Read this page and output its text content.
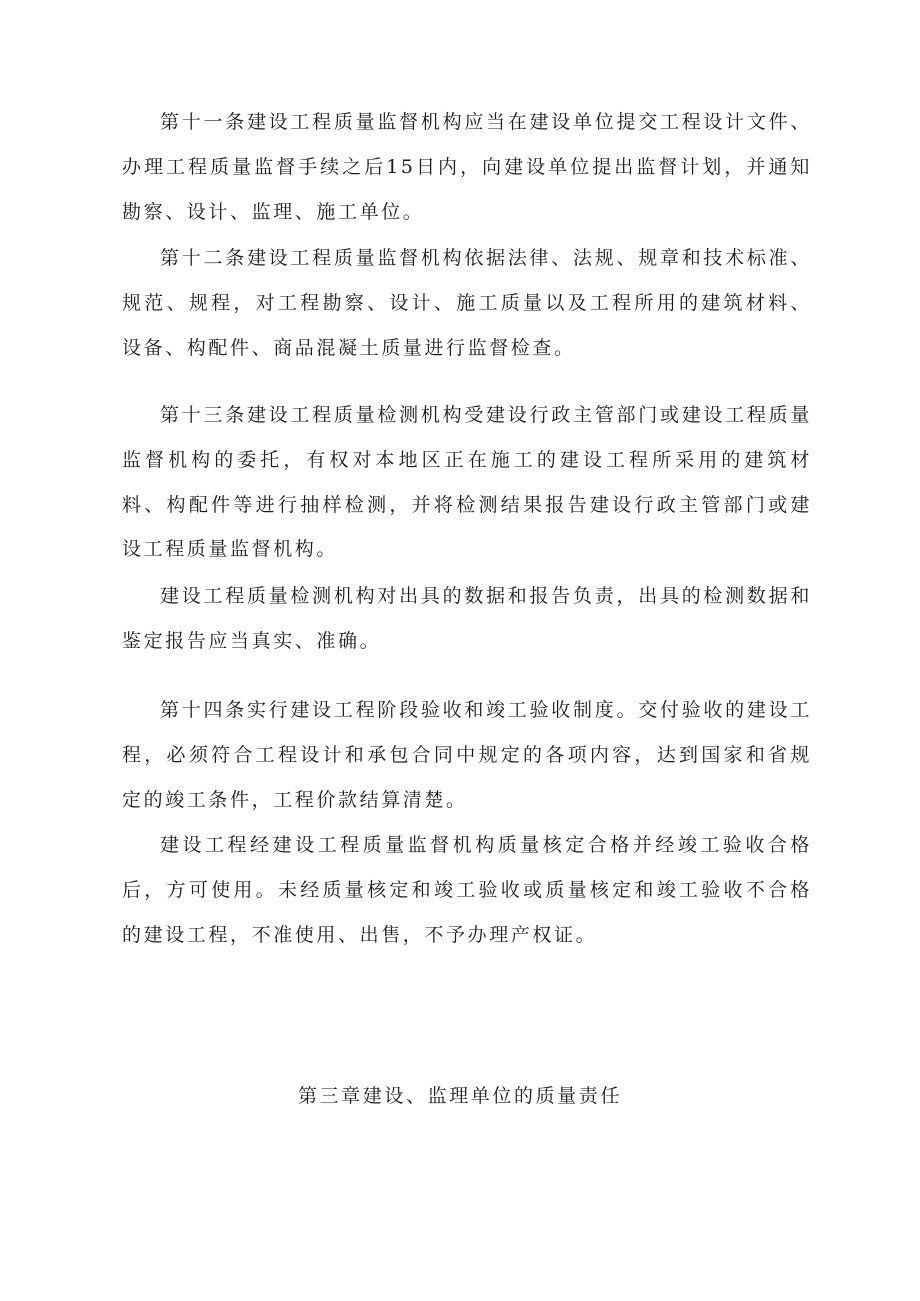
第十一条建设工程质量监督机构应当在建设单位提交工程设计文件、办理工程质量监督手续之后15日内，向建设单位提出监督计划，并通知勘察、设计、监理、施工单位。

第十二条建设工程质量监督机构依据法律、法规、规章和技术标准、规范、规程，对工程勘察、设计、施工质量以及工程所用的建筑材料、设备、构配件、商品混凝土质量进行监督检查。

第十三条建设工程质量检测机构受建设行政主管部门或建设工程质量监督机构的委托，有权对本地区正在施工的建设工程所采用的建筑材料、构配件等进行抽样检测，并将检测结果报告建设行政主管部门或建设工程质量监督机构。

建设工程质量检测机构对出具的数据和报告负责，出具的检测数据和鉴定报告应当真实、准确。

第十四条实行建设工程阶段验收和竣工验收制度。交付验收的建设工程，必须符合工程设计和承包合同中规定的各项内容，达到国家和省规定的竣工条件，工程价款结算清楚。

建设工程经建设工程质量监督机构质量核定合格并经竣工验收合格后，方可使用。未经质量核定和竣工验收或质量核定和竣工验收不合格的建设工程，不准使用、出售，不予办理产权证。

第三章建设、监理单位的质量责任
